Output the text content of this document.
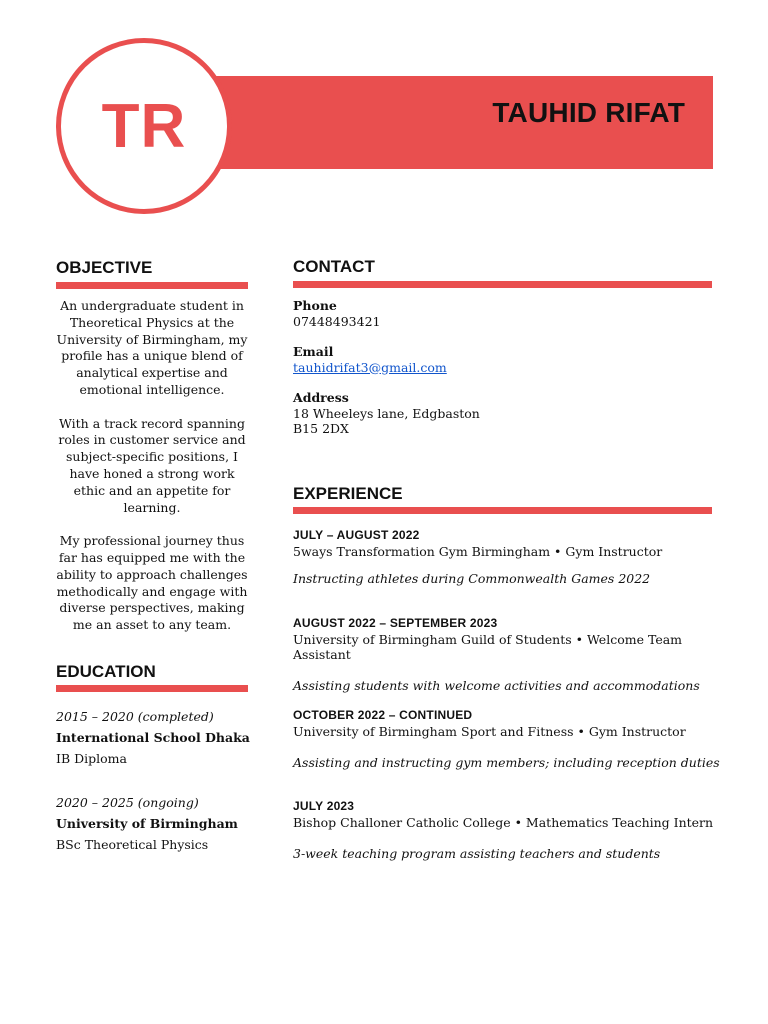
TAUHID RIFAT
TR
OBJECTIVE

An undergraduate student in Theoretical Physics at the University of Birmingham, my profile has a unique blend of analytical expertise and emotional intelligence.

With a track record spanning roles in customer service and subject-specific positions, I have honed a strong work ethic and an appetite for learning.

My professional journey thus far has equipped me with the ability to approach challenges methodically and engage with diverse perspectives, making me an asset to any team.

EDUCATION
2015 – 2020 (completed)
International School Dhaka
IB Diploma
2020 – 2025 (ongoing)
University of Birmingham
BSc Theoretical Physics
CONTACT
Phone
07448493421
Email
tauhidrifat3@gmail.com
Address
18 Wheeleys lane, Edgbaston
B15 2DX
EXPERIENCE
JULY – AUGUST 2022
5ways Transformation Gym Birmingham • Gym Instructor
Instructing athletes during Commonwealth Games 2022
AUGUST 2022 – SEPTEMBER 2023
University of Birmingham Guild of Students • Welcome Team Assistant
Assisting students with welcome activities and accommodations
OCTOBER 2022 – CONTINUED
University of Birmingham Sport and Fitness • Gym Instructor
Assisting and instructing gym members; including reception duties
JULY 2023
Bishop Challoner Catholic College • Mathematics Teaching Intern
3-week teaching program assisting teachers and students
